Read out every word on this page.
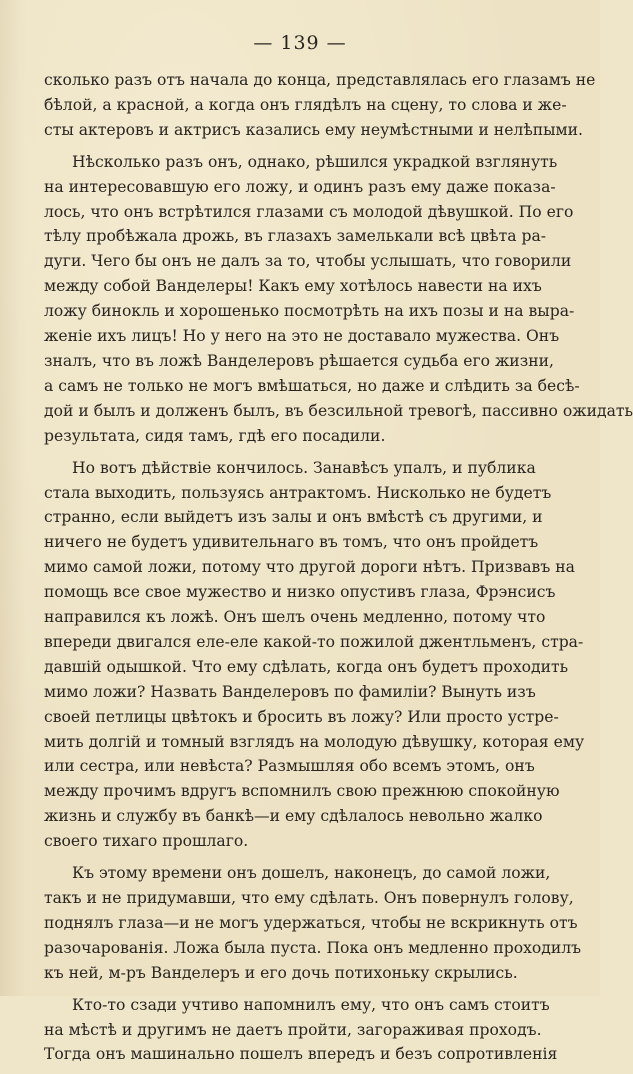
— 139 —

сколько разъ отъ начала до конца, представлялась его глазамъ не
бѣлой, а красной, а когда онъ глядѣлъ на сцену, то слова и же-
сты актеровъ и актрисъ казались ему неумѣстными и нелѣпыми.

Нѣсколько разъ онъ, однако, рѣшился украдкой взглянуть
на интересовавшую его ложу, и одинъ разъ ему даже показа-
лось, что онъ встрѣтился глазами съ молодой дѣвушкой. По его
тѣлу пробѣжала дрожь, въ глазахъ замелькали всѣ цвѣта ра-
дуги. Чего бы онъ не далъ за то, чтобы услышать, что говорили
между собой Ванделеры! Какъ ему хотѣлось навести на ихъ
ложу бинокль и хорошенько посмотрѣть на ихъ позы и на выра-
женіе ихъ лицъ! Но у него на это не доставало мужества. Онъ
зналъ, что въ ложѣ Ванделеровъ рѣшается судьба его жизни,
а самъ не только не могъ вмѣшаться, но даже и слѣдить за бесѣ-
дой и былъ и долженъ былъ, въ безсильной тревогѣ, пассивно ожидать
результата, сидя тамъ, гдѣ его посадили.

Но вотъ дѣйствіе кончилось. Занавѣсъ упалъ, и публика
стала выходить, пользуясь антрактомъ. Нисколько не будетъ
странно, если выйдетъ изъ залы и онъ вмѣстѣ съ другими, и
ничего не будетъ удивительнаго въ томъ, что онъ пройдетъ
мимо самой ложи, потому что другой дороги нѣтъ. Призвавъ на
помощь все свое мужество и низко опустивъ глаза, Фрэнсисъ
направился къ ложѣ. Онъ шелъ очень медленно, потому что
впереди двигался еле-еле какой-то пожилой джентльменъ, стра-
давшій одышкой. Что ему сдѣлать, когда онъ будетъ проходить
мимо ложи? Назвать Ванделеровъ по фамиліи? Вынуть изъ
своей петлицы цвѣтокъ и бросить въ ложу? Или просто устре-
мить долгій и томный взглядъ на молодую дѣвушку, которая ему
или сестра, или невѣста? Размышляя обо всемъ этомъ, онъ
между прочимъ вдругъ вспомнилъ свою прежнюю спокойную
жизнь и службу въ банкѣ—и ему сдѣлалось невольно жалко
своего тихаго прошлаго.

Къ этому времени онъ дошелъ, наконецъ, до самой ложи,
такъ и не придумавши, что ему сдѣлать. Онъ повернулъ голову,
поднялъ глаза—и не могъ удержаться, чтобы не вскрикнуть отъ
разочарованія. Ложа была пуста. Пока онъ медленно проходилъ
къ ней, м-ръ Ванделеръ и его дочь потихоньку скрылись.

Кто-то сзади учтиво напомнилъ ему, что онъ самъ стоитъ
на мѣстѣ и другимъ не даетъ пройти, загораживая проходъ.
Тогда онъ машинально пошелъ впередъ и безъ сопротивленія
